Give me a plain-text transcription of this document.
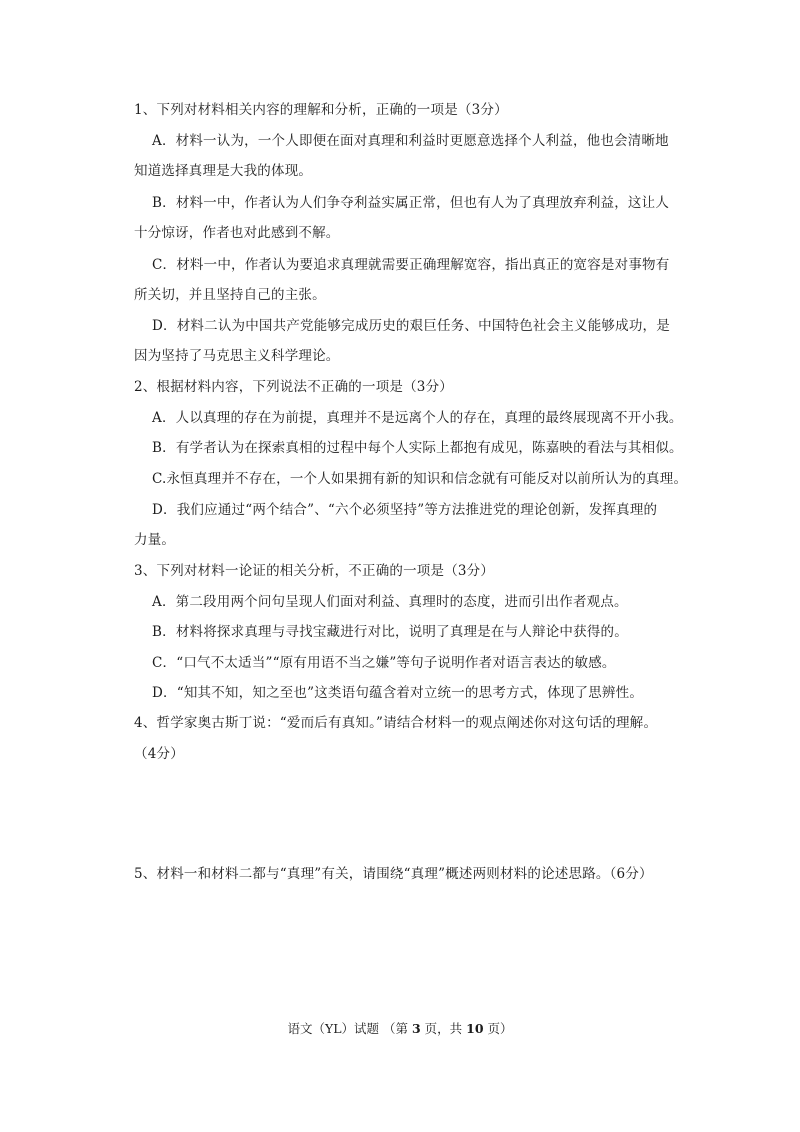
1、下列对材料相关内容的理解和分析，正确的一项是（3分）
A．材料一认为，一个人即便在面对真理和利益时更愿意选择个人利益，他也会清晰地
知道选择真理是大我的体现。
B．材料一中，作者认为人们争夺利益实属正常，但也有人为了真理放弃利益，这让人
十分惊讶，作者也对此感到不解。
C．材料一中，作者认为要追求真理就需要正确理解宽容，指出真正的宽容是对事物有
所关切，并且坚持自己的主张。
D．材料二认为中国共产党能够完成历史的艰巨任务、中国特色社会主义能够成功，是
因为坚持了马克思主义科学理论。
2、根据材料内容，下列说法不正确的一项是（3分）
A．人以真理的存在为前提，真理并不是远离个人的存在，真理的最终展现离不开小我。
B．有学者认为在探索真相的过程中每个人实际上都抱有成见，陈嘉映的看法与其相似。
C.永恒真理并不存在，一个人如果拥有新的知识和信念就有可能反对以前所认为的真理。
D．我们应通过“两个结合”、“六个必须坚持”等方法推进党的理论创新，发挥真理的
力量。
3、下列对材料一论证的相关分析，不正确的一项是（3分）
A．第二段用两个问句呈现人们面对利益、真理时的态度，进而引出作者观点。
B．材料将探求真理与寻找宝藏进行对比，说明了真理是在与人辩论中获得的。
C．“口气不太适当”“原有用语不当之嫌”等句子说明作者对语言表达的敏感。
D．“知其不知，知之至也”这类语句蕴含着对立统一的思考方式，体现了思辨性。
4、哲学家奥古斯丁说：“爱而后有真知。”请结合材料一的观点阐述你对这句话的理解。
（4分）
5、材料一和材料二都与“真理”有关，请围绕“真理”概述两则材料的论述思路。（6分）
语文（YL）试题 （第 3 页，共 10 页）
